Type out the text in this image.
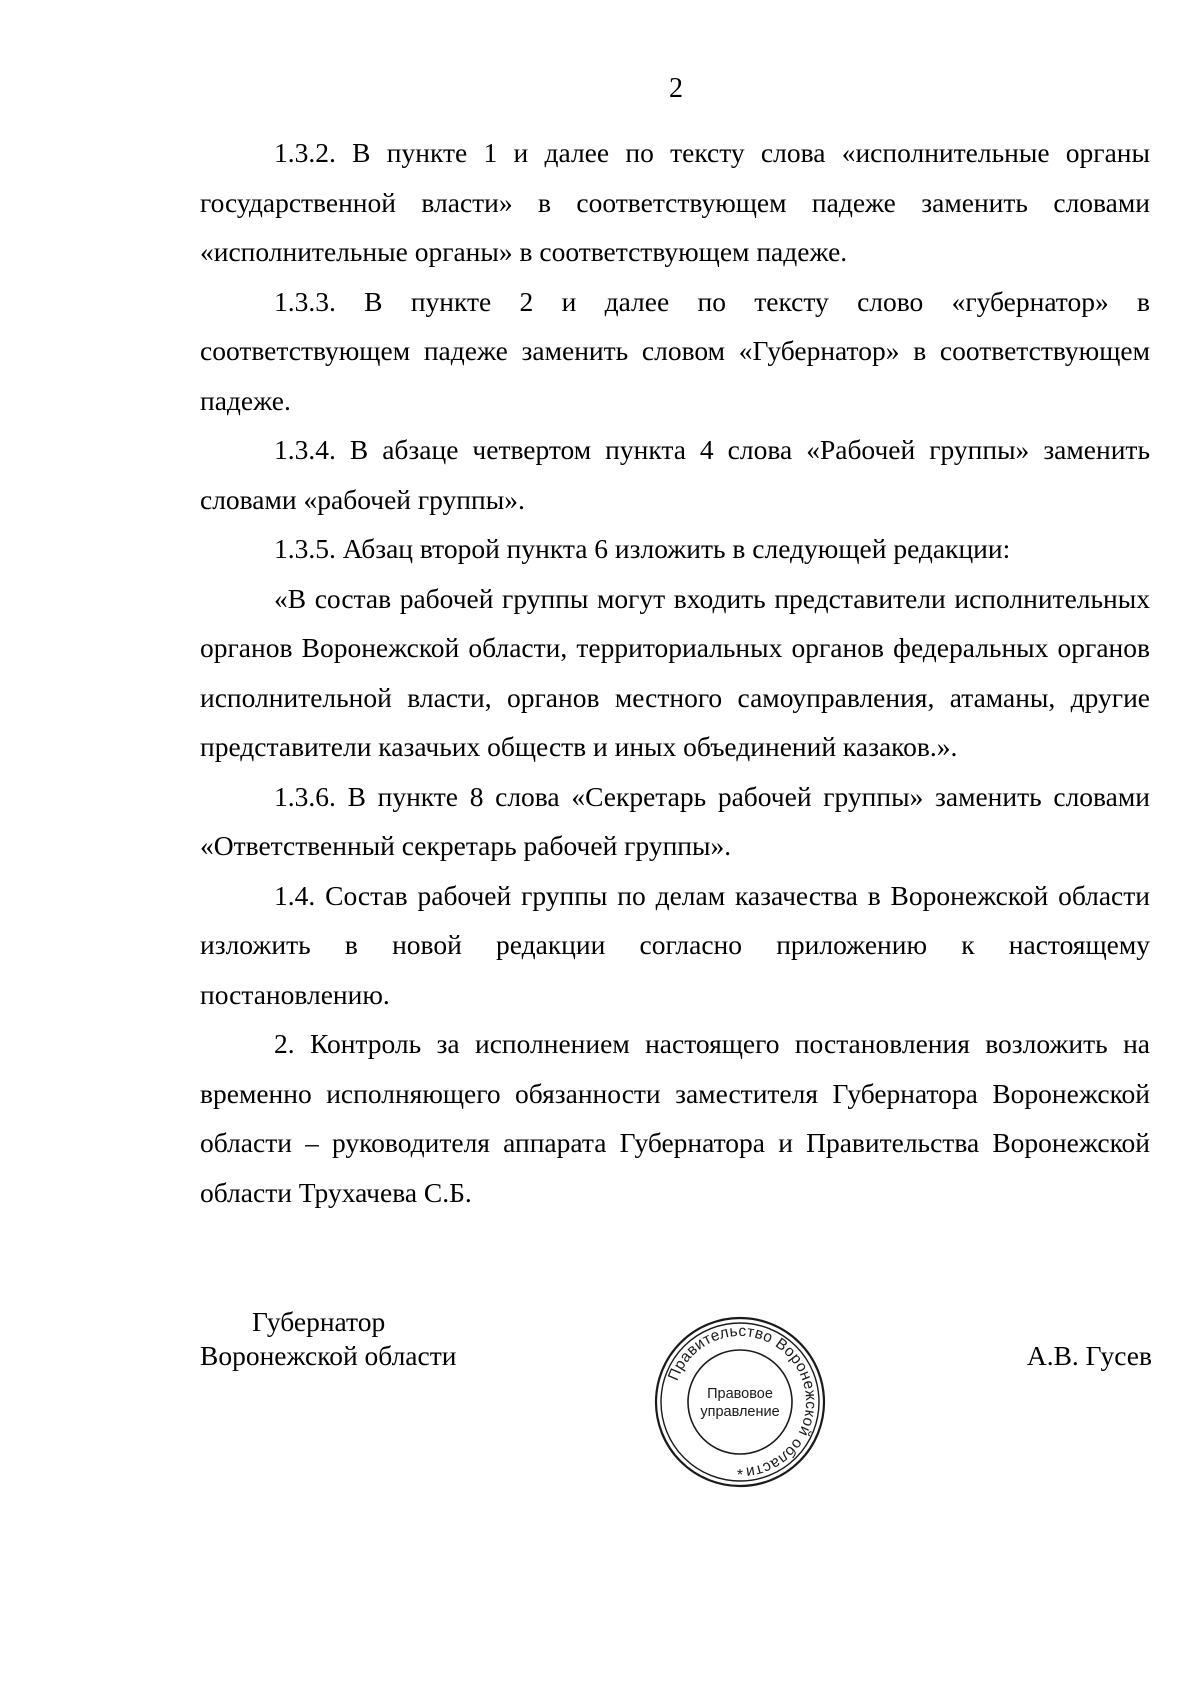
2

1.3.2. В пункте 1 и далее по тексту слова «исполнительные органы государственной власти» в соответствующем падеже заменить словами «исполнительные органы» в соответствующем падеже.

1.3.3. В пункте 2 и далее по тексту слово «губернатор» в соответствующем падеже заменить словом «Губернатор» в соответствующем падеже.

1.3.4. В абзаце четвертом пункта 4 слова «Рабочей группы» заменить словами «рабочей группы».

1.3.5. Абзац второй пункта 6 изложить в следующей редакции:

«В состав рабочей группы могут входить представители исполнительных органов Воронежской области, территориальных органов федеральных органов исполнительной власти, органов местного самоуправления, атаманы, другие представители казачьих обществ и иных объединений казаков.».

1.3.6. В пункте 8 слова «Секретарь рабочей группы» заменить словами «Ответственный секретарь рабочей группы».

1.4. Состав рабочей группы по делам казачества в Воронежской области изложить в новой редакции согласно приложению к настоящему постановлению.

2. Контроль за исполнением настоящего постановления возложить на временно исполняющего обязанности заместителя Губернатора Воронежской области – руководителя аппарата Губернатора и Правительства Воронежской области Трухачева С.Б.

Губернатор
Воронежской области	А.В. Гусев
Правительство Воронежской области
Правовое
управление
*
